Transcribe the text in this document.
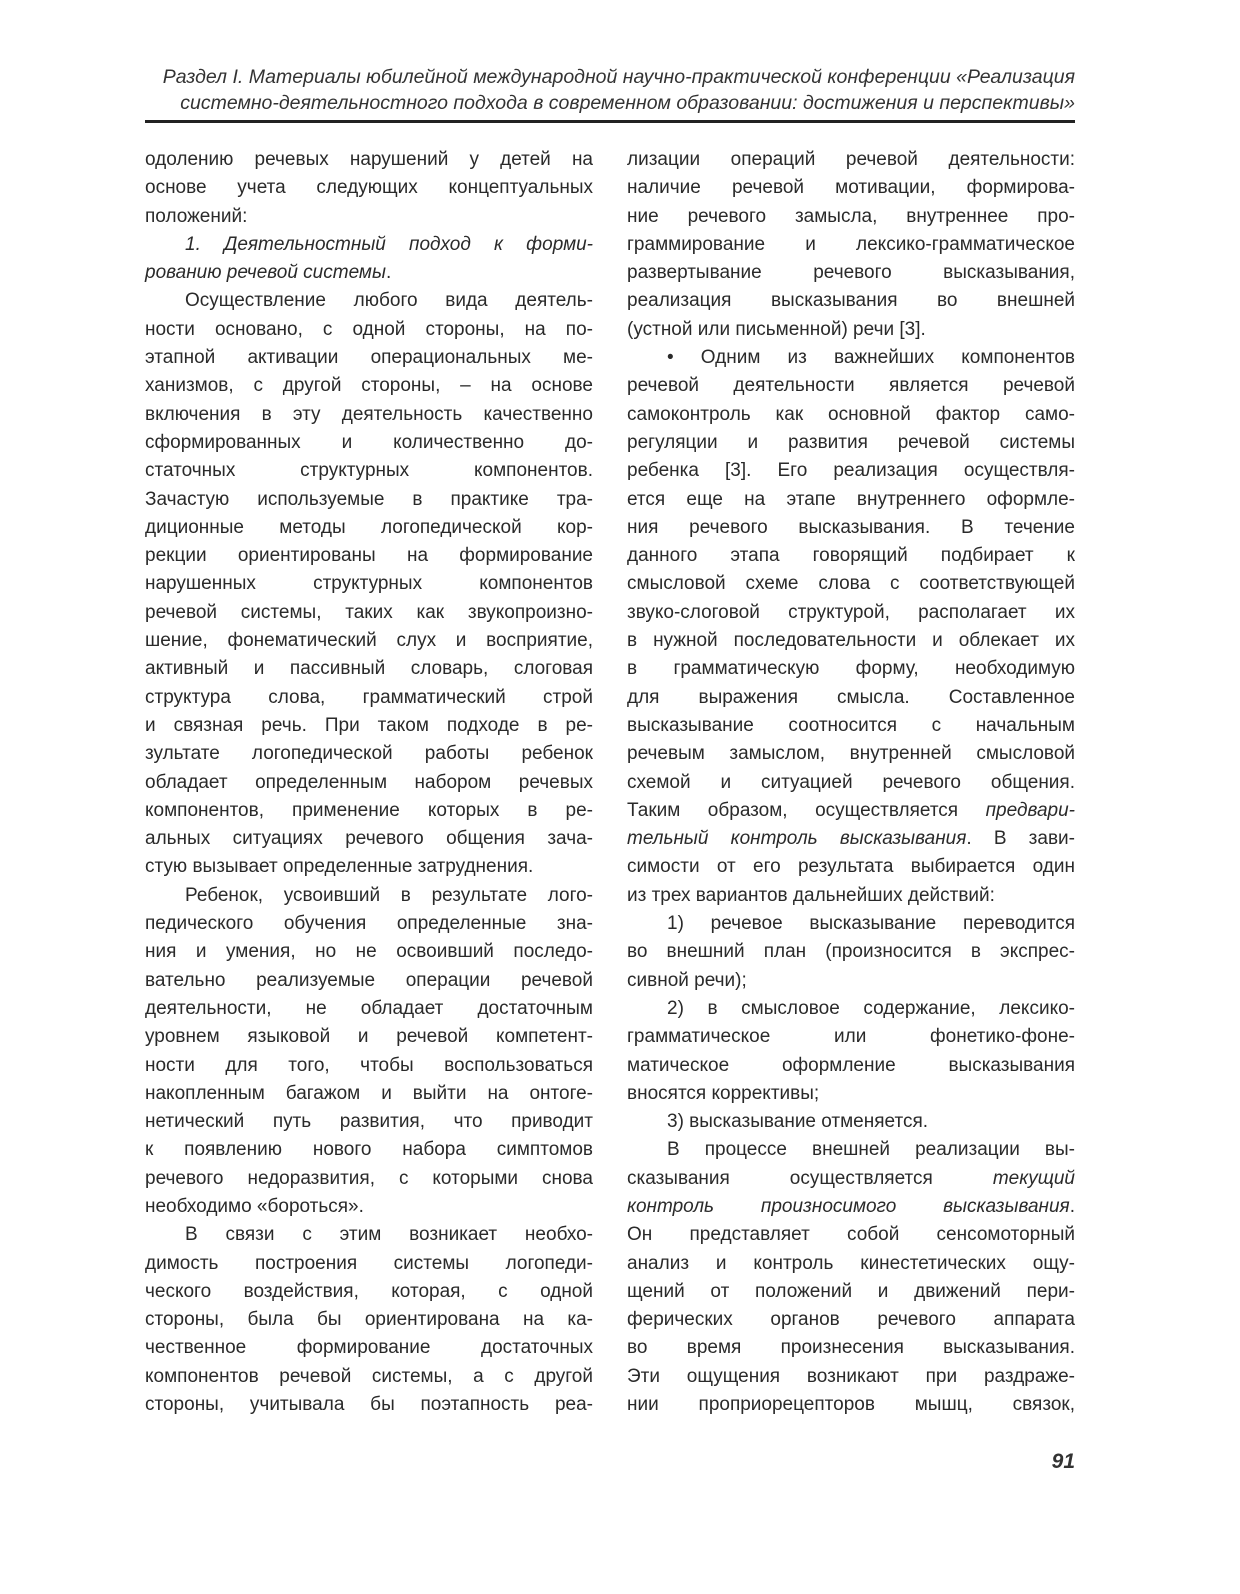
Раздел I. Материалы юбилейной международной научно-практической конференции «Реализация
системно-деятельностного подхода в современном образовании: достижения и перспективы»
одолению речевых нарушений у детей на
основе учета следующих концептуальных
положений:
1. Деятельностный подход к форми-
рованию речевой системы.
Осуществление любого вида деятель-
ности основано, с одной стороны, на по-
этапной активации операциональных ме-
ханизмов, с другой стороны, – на основе
включения в эту деятельность качественно
сформированных и количественно до-
статочных структурных компонентов.
Зачастую используемые в практике тра-
диционные методы логопедической кор-
рекции ориентированы на формирование
нарушенных структурных компонентов
речевой системы, таких как звукопроизно-
шение, фонематический слух и восприятие,
активный и пассивный словарь, слоговая
структура слова, грамматический строй
и связная речь. При таком подходе в ре-
зультате логопедической работы ребенок
обладает определенным набором речевых
компонентов, применение которых в ре-
альных ситуациях речевого общения зача-
стую вызывает определенные затруднения.
Ребенок, усвоивший в результате лого-
педического обучения определенные зна-
ния и умения, но не освоивший последо-
вательно реализуемые операции речевой
деятельности, не обладает достаточным
уровнем языковой и речевой компетент-
ности для того, чтобы воспользоваться
накопленным багажом и выйти на онтоге-
нетический путь развития, что приводит
к появлению нового набора симптомов
речевого недоразвития, с которыми снова
необходимо «бороться».
В связи с этим возникает необхо-
димость построения системы логопеди-
ческого воздействия, которая, с одной
стороны, была бы ориентирована на ка-
чественное формирование достаточных
компонентов речевой системы, а с другой
стороны, учитывала бы поэтапность реа-
лизации операций речевой деятельности:
наличие речевой мотивации, формирова-
ние речевого замысла, внутреннее про-
граммирование и лексико-грамматическое
развертывание речевого высказывания,
реализация высказывания во внешней
(устной или письменной) речи [3].
• Одним из важнейших компонентов
речевой деятельности является речевой
самоконтроль как основной фактор само-
регуляции и развития речевой системы
ребенка [3]. Его реализация осуществля-
ется еще на этапе внутреннего оформле-
ния речевого высказывания. В течение
данного этапа говорящий подбирает к
смысловой схеме слова с соответствующей
звуко-слоговой структурой, располагает их
в нужной последовательности и облекает их
в грамматическую форму, необходимую
для выражения смысла. Составленное
высказывание соотносится с начальным
речевым замыслом, внутренней смысловой
схемой и ситуацией речевого общения.
Таким образом, осуществляется предвари-
тельный контроль высказывания. В зави-
симости от его результата выбирается один
из трех вариантов дальнейших действий:
1) речевое высказывание переводится
во внешний план (произносится в экспрес-
сивной речи);
2) в смысловое содержание, лексико-
грамматическое или фонетико-фоне-
матическое оформление высказывания
вносятся коррективы;
3) высказывание отменяется.
В процессе внешней реализации вы-
сказывания осуществляется текущий
контроль произносимого высказывания.
Он представляет собой сенсомоторный
анализ и контроль кинестетических ощу-
щений от положений и движений пери-
ферических органов речевого аппарата
во время произнесения высказывания.
Эти ощущения возникают при раздраже-
нии проприорецепторов мышц, связок,
91
